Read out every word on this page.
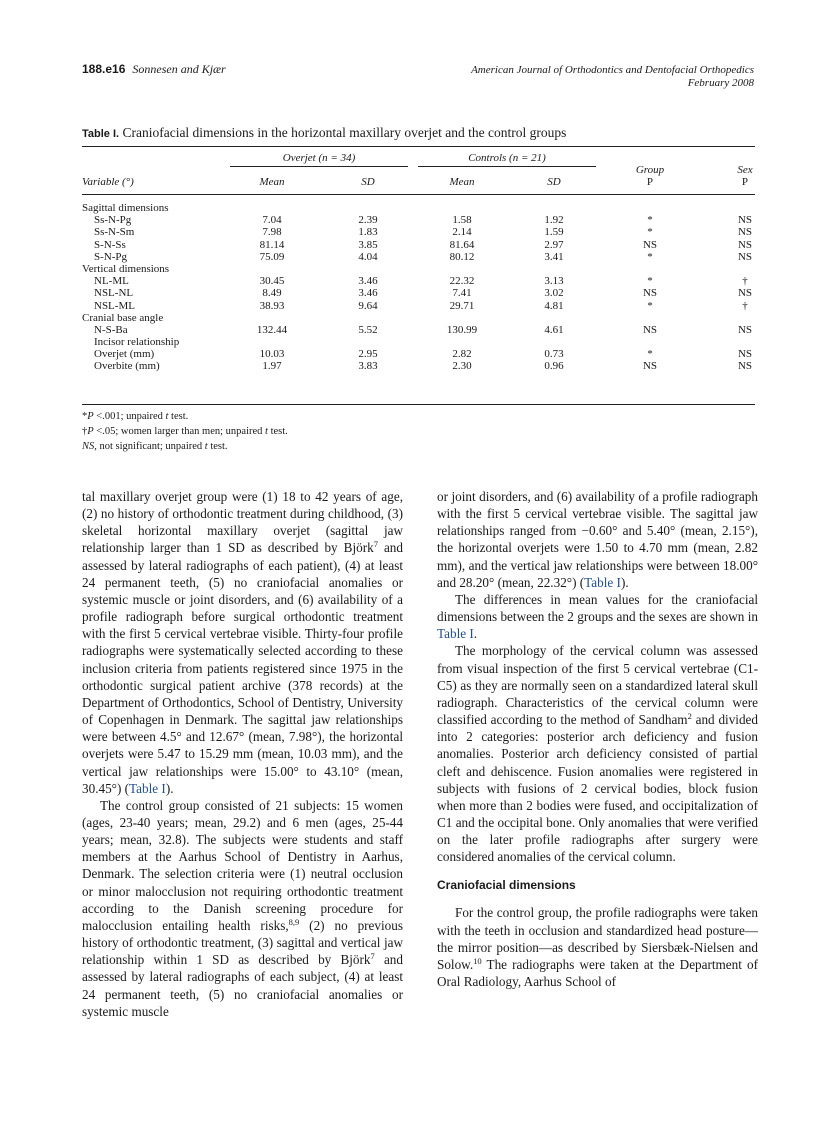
188.e16 Sonnesen and Kjær	American Journal of Orthodontics and Dentofacial Orthopedics
February 2008
Table I. Craniofacial dimensions in the horizontal maxillary overjet and the control groups
Overjet (n = 34)	Controls (n = 21)
Variable (°)	Mean	SD	Mean	SD
Group
P
Sex
P
Sagittal dimensions
Ss-N-Pg	7.04	2.39	1.58	1.92	*	NS
Ss-N-Sm	7.98	1.83	2.14	1.59	*	NS
S-N-Ss	81.14	3.85	81.64	2.97	NS	NS
S-N-Pg	75.09	4.04	80.12	3.41	*	NS
Vertical dimensions
NL-ML	30.45	3.46	22.32	3.13	*	†
NSL-NL	8.49	3.46	7.41	3.02	NS	NS
NSL-ML	38.93	9.64	29.71	4.81	*	†
Cranial base angle
N-S-Ba	132.44	5.52	130.99	4.61	NS	NS
Incisor relationship
Overjet (mm)	10.03	2.95	2.82	0.73	*	NS
Overbite (mm)	1.97	3.83	2.30	0.96	NS	NS
*P <.001; unpaired t test.
†P <.05; women larger than men; unpaired t test.
NS, not significant; unpaired t test.

tal maxillary overjet group were (1) 18 to 42 years of age, (2) no history of orthodontic treatment during childhood, (3) skeletal horizontal maxillary overjet (sagittal jaw relationship larger than 1 SD as described by Björk$^7$ and assessed by lateral radiographs of each patient), (4) at least 24 permanent teeth, (5) no craniofacial anomalies or systemic muscle or joint disorders, and (6) availability of a profile radiograph before surgical orthodontic treatment with the first 5 cervical vertebrae visible. Thirty-four profile radiographs were systematically selected according to these inclusion criteria from patients registered since 1975 in the orthodontic surgical patient archive (378 records) at the Department of Orthodontics, School of Dentistry, University of Copenhagen in Denmark. The sagittal jaw relationships were between 4.5° and 12.67° (mean, 7.98°), the horizontal overjets were 5.47 to 15.29 mm (mean, 10.03 mm), and the vertical jaw relationships were 15.00° to 43.10° (mean, 30.45°) (Table I).

The control group consisted of 21 subjects: 15 women (ages, 23-40 years; mean, 29.2) and 6 men (ages, 25-44 years; mean, 32.8). The subjects were students and staff members at the Aarhus School of Dentistry in Aarhus, Denmark. The selection criteria were (1) neutral occlusion or minor malocclusion not requiring orthodontic treatment according to the Danish screening procedure for malocclusion entailing health risks,$^{8,9}$ (2) no previous history of orthodontic treatment, (3) sagittal and vertical jaw relationship within 1 SD as described by Björk$^7$ and assessed by lateral radiographs of each subject, (4) at least 24 permanent teeth, (5) no craniofacial anomalies or systemic muscle

or joint disorders, and (6) availability of a profile radiograph with the first 5 cervical vertebrae visible. The sagittal jaw relationships ranged from −0.60° and 5.40° (mean, 2.15°), the horizontal overjets were 1.50 to 4.70 mm (mean, 2.82 mm), and the vertical jaw relationships were between 18.00° and 28.20° (mean, 22.32°) (Table I).

The differences in mean values for the craniofacial dimensions between the 2 groups and the sexes are shown in Table I.

The morphology of the cervical column was assessed from visual inspection of the first 5 cervical vertebrae (C1-C5) as they are normally seen on a standardized lateral skull radiograph. Characteristics of the cervical column were classified according to the method of Sandham$^2$ and divided into 2 categories: posterior arch deficiency and fusion anomalies. Posterior arch deficiency consisted of partial cleft and dehiscence. Fusion anomalies were registered in subjects with fusions of 2 cervical bodies, block fusion when more than 2 bodies were fused, and occipitalization of C1 and the occipital bone. Only anomalies that were verified on the later profile radiographs after surgery were considered anomalies of the cervical column.

Craniofacial dimensions

For the control group, the profile radiographs were taken with the teeth in occlusion and standardized head posture—the mirror position—as described by Siersbæk-Nielsen and Solow.$^{10}$ The radiographs were taken at the Department of Oral Radiology, Aarhus School of
